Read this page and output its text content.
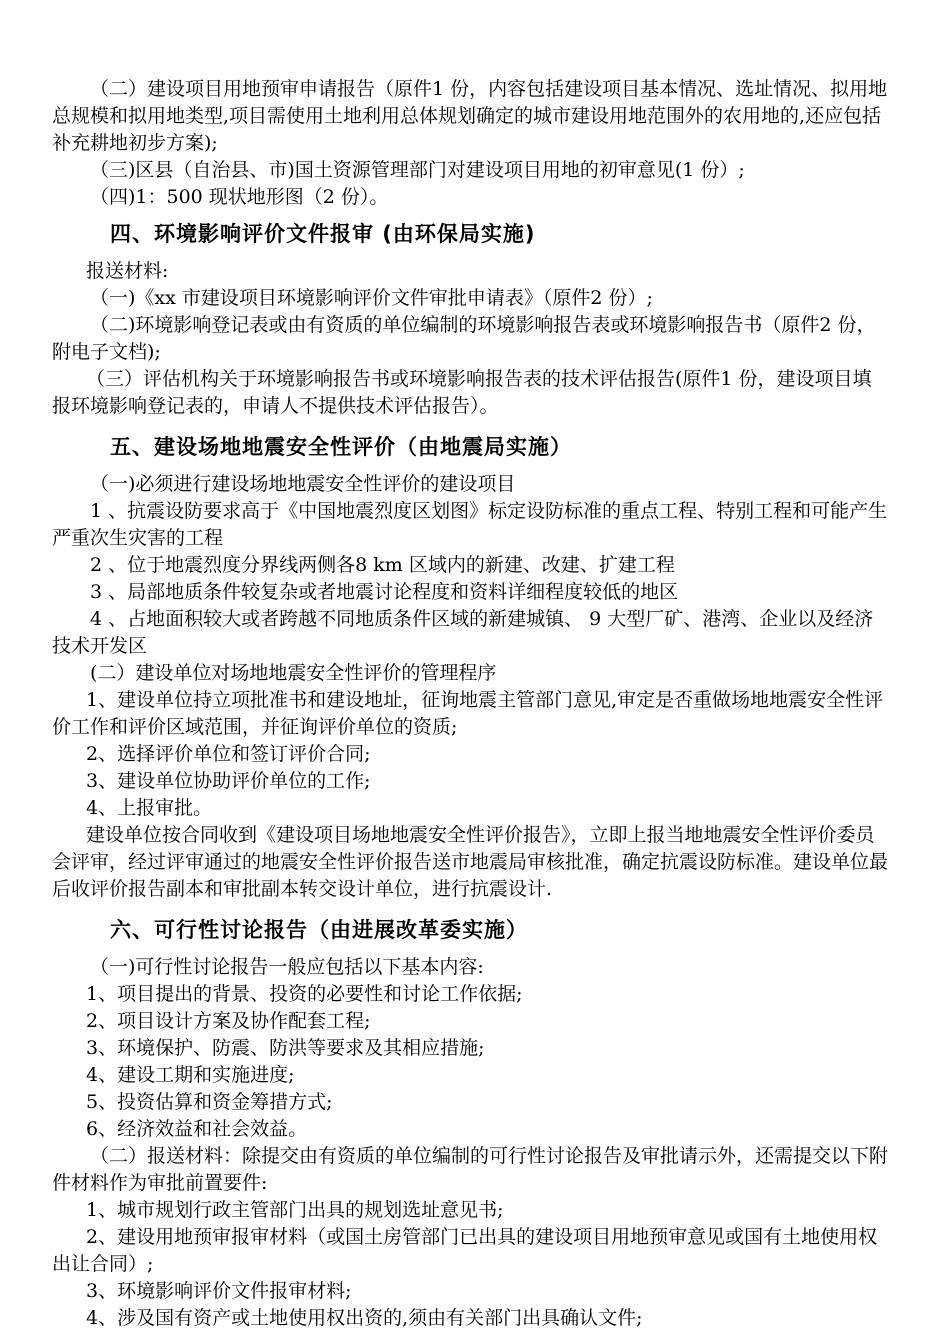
（二）建设项目用地预审申请报告（原件1 份，内容包括建设项目基本情况、选址情况、拟用地总规模和拟用地类型,项目需使用土地利用总体规划确定的城市建设用地范围外的农用地的,还应包括补充耕地初步方案);

（三)区县（自治县、市)国土资源管理部门对建设项目用地的初审意见(1 份）;

（四)1：500 现状地形图（2 份）。

四、环境影响评价文件报审 (由环保局实施)

报送材料:

（一)《xx 市建设项目环境影响评价文件审批申请表》（原件2 份）;

（二)环境影响登记表或由有资质的单位编制的环境影响报告表或环境影响报告书（原件2 份，附电子文档);

（三）评估机构关于环境影响报告书或环境影响报告表的技术评估报告(原件1 份，建设项目填报环境影响登记表的，申请人不提供技术评估报告）。

五、建设场地地震安全性评价（由地震局实施）

（一)必须进行建设场地地震安全性评价的建设项目

1 、抗震设防要求高于《中国地震烈度区划图》标定设防标准的重点工程、特别工程和可能产生严重次生灾害的工程

2 、位于地震烈度分界线两侧各8 km 区域内的新建、改建、扩建工程

3 、局部地质条件较复杂或者地震讨论程度和资料详细程度较低的地区

4 、占地面积较大或者跨越不同地质条件区域的新建城镇、 9 大型厂矿、港湾、企业以及经济技术开发区

(二）建设单位对场地地震安全性评价的管理程序

1、建设单位持立项批准书和建设地址，征询地震主管部门意见,审定是否重做场地地震安全性评价工作和评价区域范围，并征询评价单位的资质;

2、选择评价单位和签订评价合同;

3、建设单位协助评价单位的工作;

4、上报审批。

建设单位按合同收到《建设项目场地地震安全性评价报告》，立即上报当地地震安全性评价委员会评审，经过评审通过的地震安全性评价报告送市地震局审核批准，确定抗震设防标准。建设单位最后收评价报告副本和审批副本转交设计单位，进行抗震设计.

六、可行性讨论报告（由进展改革委实施）

（一)可行性讨论报告一般应包括以下基本内容:

1、项目提出的背景、投资的必要性和讨论工作依据;

2、项目设计方案及协作配套工程;

3、环境保护、防震、防洪等要求及其相应措施;

4、建设工期和实施进度;

5、投资估算和资金筹措方式;

6、经济效益和社会效益。

（二）报送材料：除提交由有资质的单位编制的可行性讨论报告及审批请示外，还需提交以下附件材料作为审批前置要件:

1、城市规划行政主管部门出具的规划选址意见书;

2、建设用地预审报审材料（或国土房管部门已出具的建设项目用地预审意见或国有土地使用权出让合同）;

3、环境影响评价文件报审材料;

4、涉及国有资产或土地使用权出资的,须由有关部门出具确认文件;
